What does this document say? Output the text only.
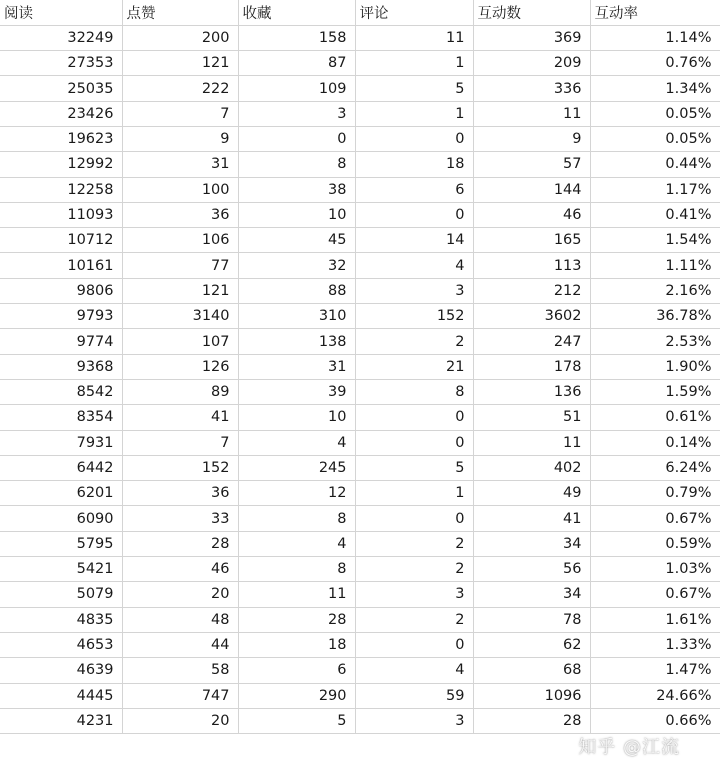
阅读	点赞	收藏	评论	互动数	互动率
32249	200	158	11	369	1.14%
27353	121	87	1	209	0.76%
25035	222	109	5	336	1.34%
23426	7	3	1	11	0.05%
19623	9	0	0	9	0.05%
12992	31	8	18	57	0.44%
12258	100	38	6	144	1.17%
11093	36	10	0	46	0.41%
10712	106	45	14	165	1.54%
10161	77	32	4	113	1.11%
9806	121	88	3	212	2.16%
9793	3140	310	152	3602	36.78%
9774	107	138	2	247	2.53%
9368	126	31	21	178	1.90%
8542	89	39	8	136	1.59%
8354	41	10	0	51	0.61%
7931	7	4	0	11	0.14%
6442	152	245	5	402	6.24%
6201	36	12	1	49	0.79%
6090	33	8	0	41	0.67%
5795	28	4	2	34	0.59%
5421	46	8	2	56	1.03%
5079	20	11	3	34	0.67%
4835	48	28	2	78	1.61%
4653	44	18	0	62	1.33%
4639	58	6	4	68	1.47%
4445	747	290	59	1096	24.66%
4231	20	5	3	28	0.66%
知乎 @江流
